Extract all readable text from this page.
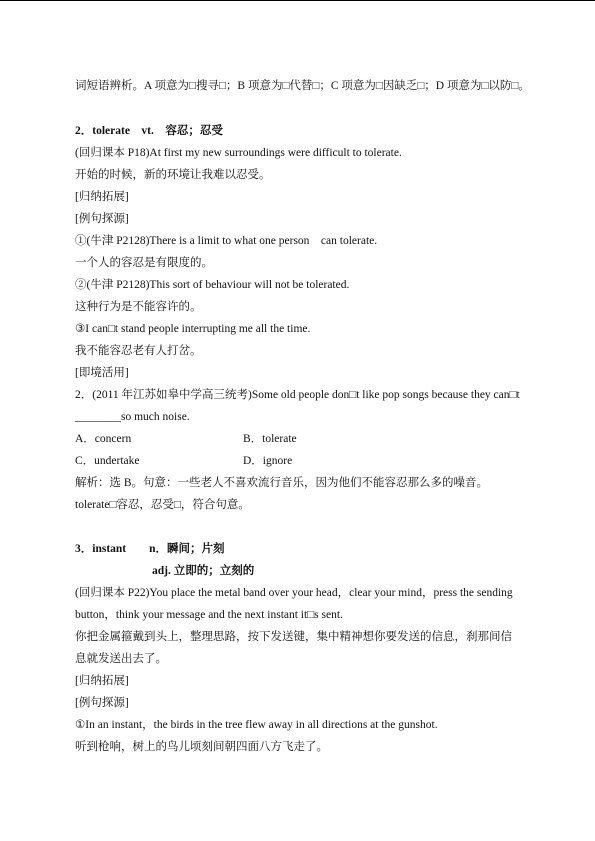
词短语辨析。A 项意为□搜寻□；B 项意为□代替□；C 项意为□因缺乏□；D 项意为□以防□。
2．tolerate　vt.　容忍；忍受
(回归课本 P18)At first my new surroundings were difficult to tolerate.
开始的时候，新的环境让我难以忍受。
[归纳拓展]
[例句探源]
①(牛津 P2128)There is a limit to what one person　can tolerate.
一个人的容忍是有限度的。
②(牛津 P2128)This sort of behaviour will not be tolerated.
这种行为是不能容许的。
③I can□t stand people interrupting me all the time.
我不能容忍老有人打岔。
[即境活用]
2．(2011 年江苏如皋中学高三统考)Some old people don□t like pop songs because they can□t
________so much noise.
A．concern	B．tolerate
C．undertake	D．ignore
解析：选 B。句意：一些老人不喜欢流行音乐，因为他们不能容忍那么多的噪音。
tolerate□容忍，忍受□，符合句意。
3．instant　　n．瞬间；片刻
adj. 立即的；立刻的
(回归课本 P22)You place the metal band over your head，clear your mind，press the sending
button，think your message and the next instant it□s sent.
你把金属箍戴到头上，整理思路，按下发送键，集中精神想你要发送的信息，刹那间信
息就发送出去了。
[归纳拓展]
[例句探源]
①In an instant，the birds in the tree flew away in all directions at the gunshot.
听到枪响，树上的鸟儿顷刻间朝四面八方飞走了。
